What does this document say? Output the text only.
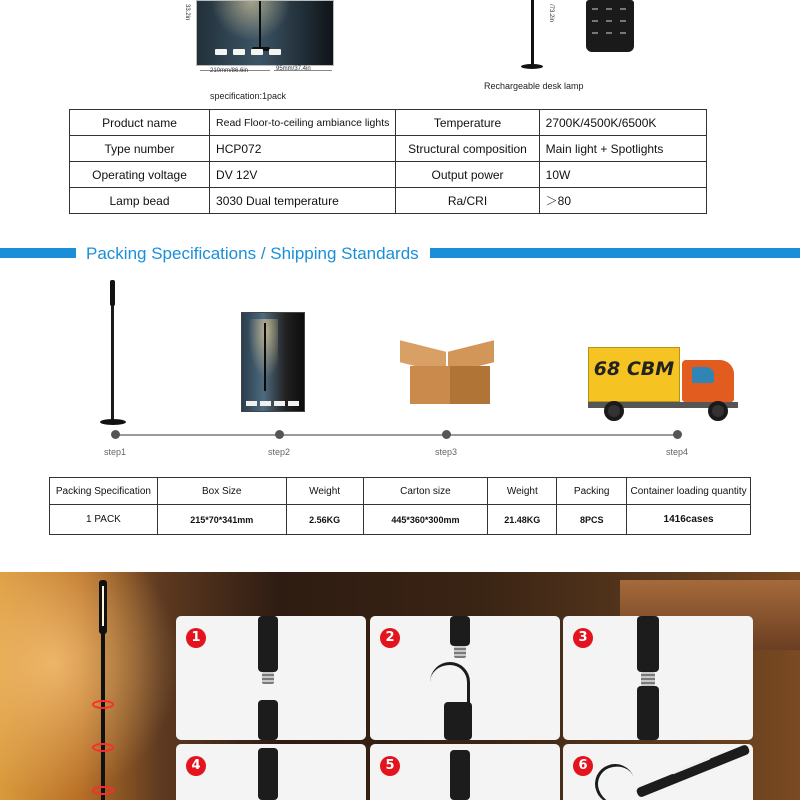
33.2in
210mm/86.6in	95mm/37.4in
specification:1pack
/73.2in
Rechargeable desk lamp
Product name	Read Floor-to-ceiling ambiance lights	Temperature	2700K/4500K/6500K
Type number	HCP072	Structural composition	Main light + Spotlights
Operating voltage	DV 12V	Output power	10W
Lamp bead	3030 Dual temperature	Ra/CRI	＞80
Packing Specifications / Shipping Standards
68 CBM
step1	step2	step3	step4
Packing Specification	Box Size	Weight	Carton size	Weight	Packing	Container loading quantity
1 PACK	215*70*341mm	2.56KG	445*360*300mm	21.48KG	8PCS	1416cases
1	2	3
4	5	6
